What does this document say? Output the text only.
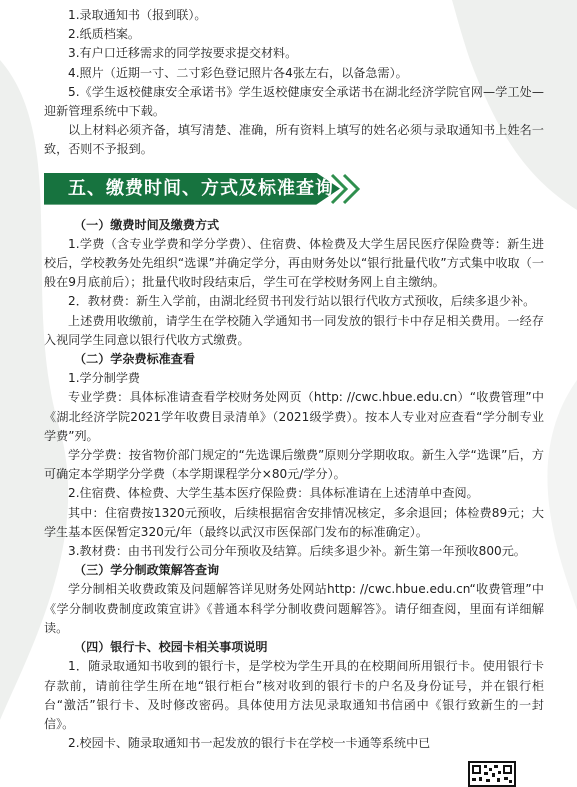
1.录取通知书（报到联）。

2.纸质档案。

3.有户口迁移需求的同学按要求提交材料。

4.照片（近期一寸、二寸彩色登记照片各4张左右，以备急需）。

5.《学生返校健康安全承诺书》学生返校健康安全承诺书在湖北经济学院官网—学工处—迎新管理系统中下载。

以上材料必须齐备，填写清楚、准确，所有资料上填写的姓名必须与录取通知书上姓名一致，否则不予报到。

五、缴费时间、方式及标准查询

（一）缴费时间及缴费方式

1.学费（含专业学费和学分学费）、住宿费、体检费及大学生居民医疗保险费等：新生进校后，学校教务处先组织“选课”并确定学分，再由财务处以“银行批量代收”方式集中收取（一般在9月底前后）；批量代收时段结束后，学生可在学校财务网上自主缴纳。

2．教材费：新生入学前，由湖北经贸书刊发行站以银行代收方式预收，后续多退少补。

上述费用收缴前，请学生在学校随入学通知书一同发放的银行卡中存足相关费用。一经存入视同学生同意以银行代收方式缴费。

（二）学杂费标准查看

1.学分制学费

专业学费：具体标准请查看学校财务处网页（http: //cwc.hbue.edu.cn）“收费管理”中《湖北经济学院2021学年收费目录清单》（2021级学费）。按本人专业对应查看“学分制专业学费”列。

学分学费：按省物价部门规定的“先选课后缴费”原则分学期收取。新生入学“选课”后，方可确定本学期学分学费（本学期课程学分×80元/学分）。

2.住宿费、体检费、大学生基本医疗保险费：具体标准请在上述清单中查阅。

其中：住宿费按1320元预收，后续根据宿舍安排情况核定，多余退回；体检费89元；大学生基本医保暂定320元/年（最终以武汉市医保部门发布的标准确定）。

3.教材费：由书刊发行公司分年预收及结算。后续多退少补。新生第一年预收800元。

（三）学分制政策解答查询

学分制相关收费政策及问题解答详见财务处网站http: //cwc.hbue.edu.cn“收费管理”中《学分制收费制度政策宣讲》《普通本科学分制收费问题解答》。请仔细查阅，里面有详细解读。

（四）银行卡、校园卡相关事项说明

1．随录取通知书收到的银行卡，是学校为学生开具的在校期间所用银行卡。使用银行卡存款前，请前往学生所在地“银行柜台”核对收到的银行卡的户名及身份证号，并在银行柜台“激活”银行卡、及时修改密码。具体使用方法见录取通知书信函中《银行致新生的一封信》。

2.校园卡、随录取通知书一起发放的银行卡在学校一卡通等系统中已
